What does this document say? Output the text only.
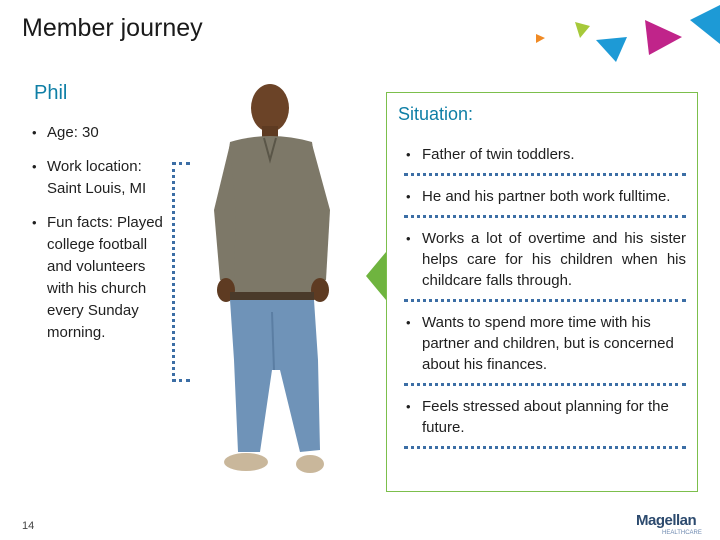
Member journey
Phil
• Age: 30
• Work location: Saint Louis, MI
• Fun facts: Played college football and volunteers with his church every Sunday morning.
Situation:
• Father of twin toddlers.
• He and his partner both work fulltime.
• Works a lot of overtime and his sister helps care for his children when his childcare falls through.
• Wants to spend more time with his partner and children, but is concerned about his finances.
• Feels stressed about planning for the future.
14	Magellan
HEALTHCARE
